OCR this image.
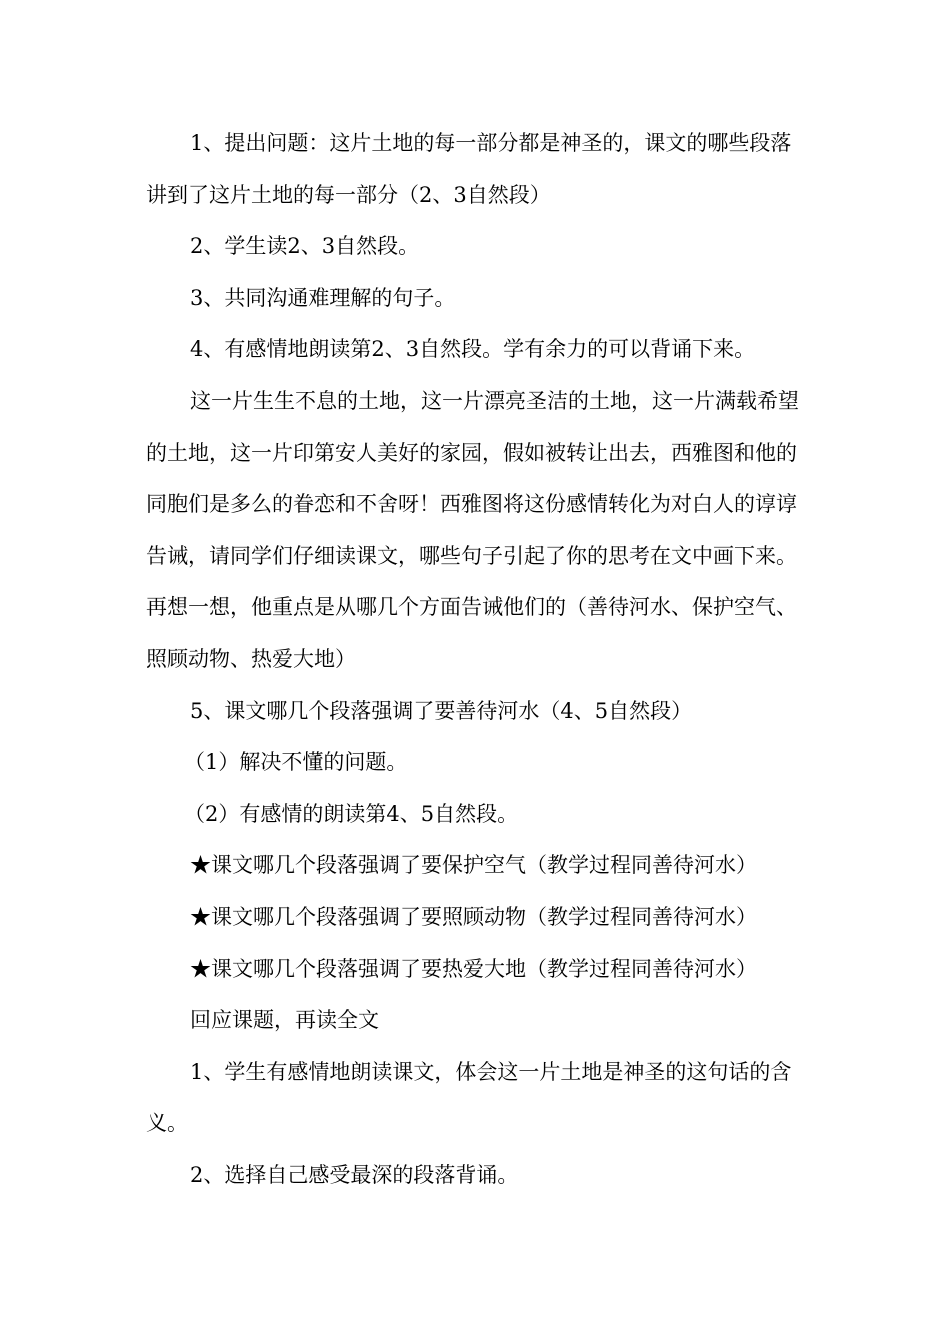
1、提出问题：这片土地的每一部分都是神圣的，课文的哪些段落讲到了这片土地的每一部分（2、3自然段）

2、学生读2、3自然段。

3、共同沟通难理解的句子。

4、有感情地朗读第2、3自然段。学有余力的可以背诵下来。

这一片生生不息的土地，这一片漂亮圣洁的土地，这一片满载希望的土地，这一片印第安人美好的家园，假如被转让出去，西雅图和他的同胞们是多么的眷恋和不舍呀！西雅图将这份感情转化为对白人的谆谆告诫，请同学们仔细读课文，哪些句子引起了你的思考在文中画下来。再想一想，他重点是从哪几个方面告诫他们的（善待河水、保护空气、照顾动物、热爱大地）

5、课文哪几个段落强调了要善待河水（4、5自然段）

（1）解决不懂的问题。

（2）有感情的朗读第4、5自然段。

★课文哪几个段落强调了要保护空气（教学过程同善待河水）

★课文哪几个段落强调了要照顾动物（教学过程同善待河水）

★课文哪几个段落强调了要热爱大地（教学过程同善待河水）

回应课题，再读全文

1、学生有感情地朗读课文，体会这一片土地是神圣的这句话的含义。

2、选择自己感受最深的段落背诵。
